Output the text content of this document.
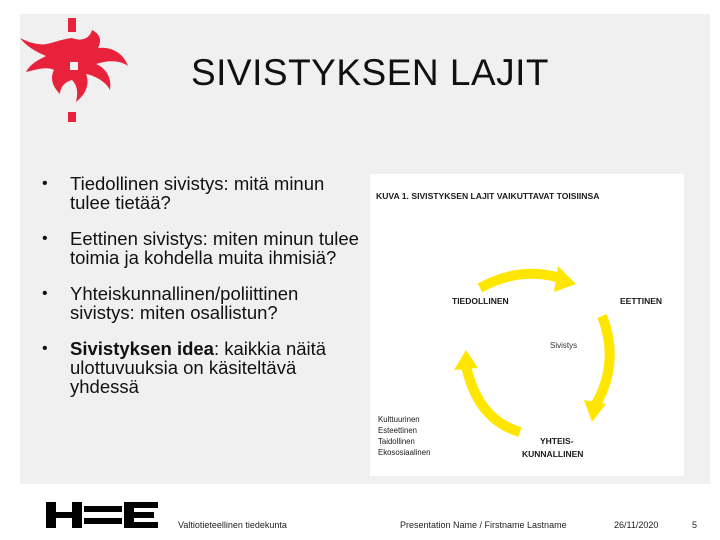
SIVISTYKSEN LAJIT
• Tiedollinen sivistys: mitä minun tulee tietää?
• Eettinen sivistys: miten minun tulee toimia ja kohdella muita ihmisiä?
• Yhteiskunnallinen/poliittinen sivistys: miten osallistun?
• Sivistyksen idea: kaikkia näitä ulottuvuuksia on käsiteltävä yhdessä
KUVA 1. SIVISTYKSEN LAJIT VAIKUTTAVAT TOISIINSA
TIEDOLLINEN	EETTINEN
Sivistys
YHTEIS-
KUNNALLINEN
Kulttuurinen
Esteettinen
Taidollinen
Ekososiaalinen
Valtiotieteellinen tiedekunta	Presentation Name / Firstname Lastname	26/11/2020	5
